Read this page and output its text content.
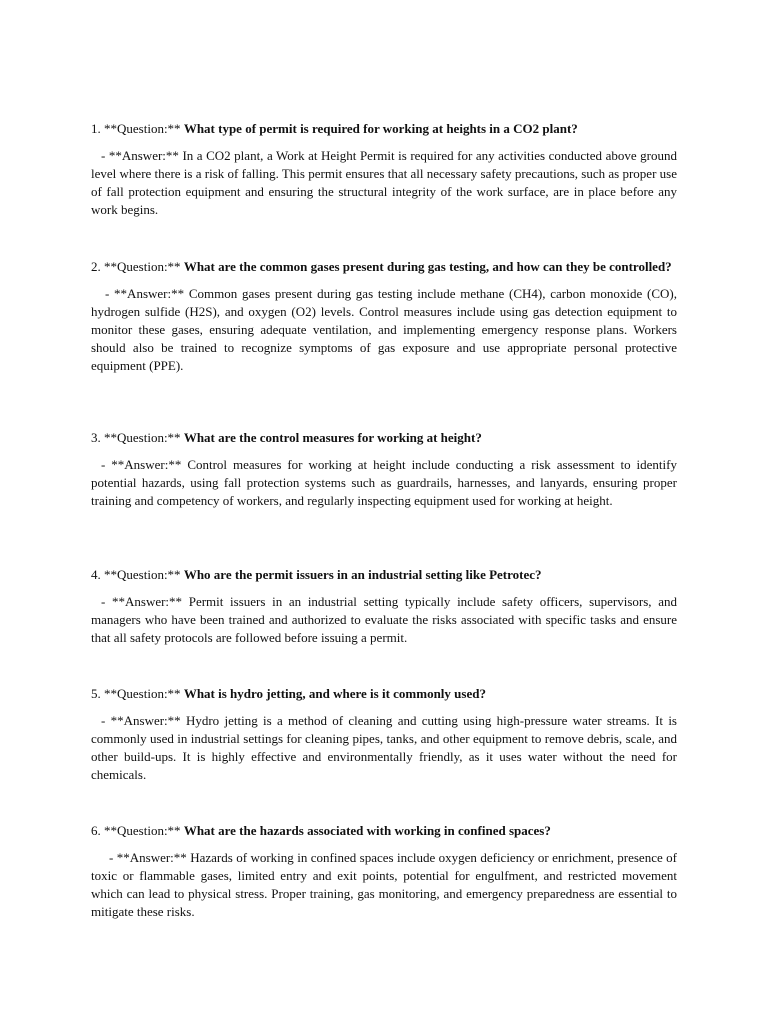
1. **Question:** What type of permit is required for working at heights in a CO2 plant?

- **Answer:** In a CO2 plant, a Work at Height Permit is required for any activities conducted above ground level where there is a risk of falling. This permit ensures that all necessary safety precautions, such as proper use of fall protection equipment and ensuring the structural integrity of the work surface, are in place before any work begins.

2. **Question:** What are the common gases present during gas testing, and how can they be controlled?

- **Answer:** Common gases present during gas testing include methane (CH4), carbon monoxide (CO), hydrogen sulfide (H2S), and oxygen (O2) levels. Control measures include using gas detection equipment to monitor these gases, ensuring adequate ventilation, and implementing emergency response plans. Workers should also be trained to recognize symptoms of gas exposure and use appropriate personal protective equipment (PPE).

3. **Question:** What are the control measures for working at height?

- **Answer:** Control measures for working at height include conducting a risk assessment to identify potential hazards, using fall protection systems such as guardrails, harnesses, and lanyards, ensuring proper training and competency of workers, and regularly inspecting equipment used for working at height.

4. **Question:** Who are the permit issuers in an industrial setting like Petrotec?

- **Answer:** Permit issuers in an industrial setting typically include safety officers, supervisors, and managers who have been trained and authorized to evaluate the risks associated with specific tasks and ensure that all safety protocols are followed before issuing a permit.

5. **Question:** What is hydro jetting, and where is it commonly used?

- **Answer:** Hydro jetting is a method of cleaning and cutting using high-pressure water streams. It is commonly used in industrial settings for cleaning pipes, tanks, and other equipment to remove debris, scale, and other build-ups. It is highly effective and environmentally friendly, as it uses water without the need for chemicals.

6. **Question:** What are the hazards associated with working in confined spaces?

- **Answer:** Hazards of working in confined spaces include oxygen deficiency or enrichment, presence of toxic or flammable gases, limited entry and exit points, potential for engulfment, and restricted movement which can lead to physical stress. Proper training, gas monitoring, and emergency preparedness are essential to mitigate these risks.
